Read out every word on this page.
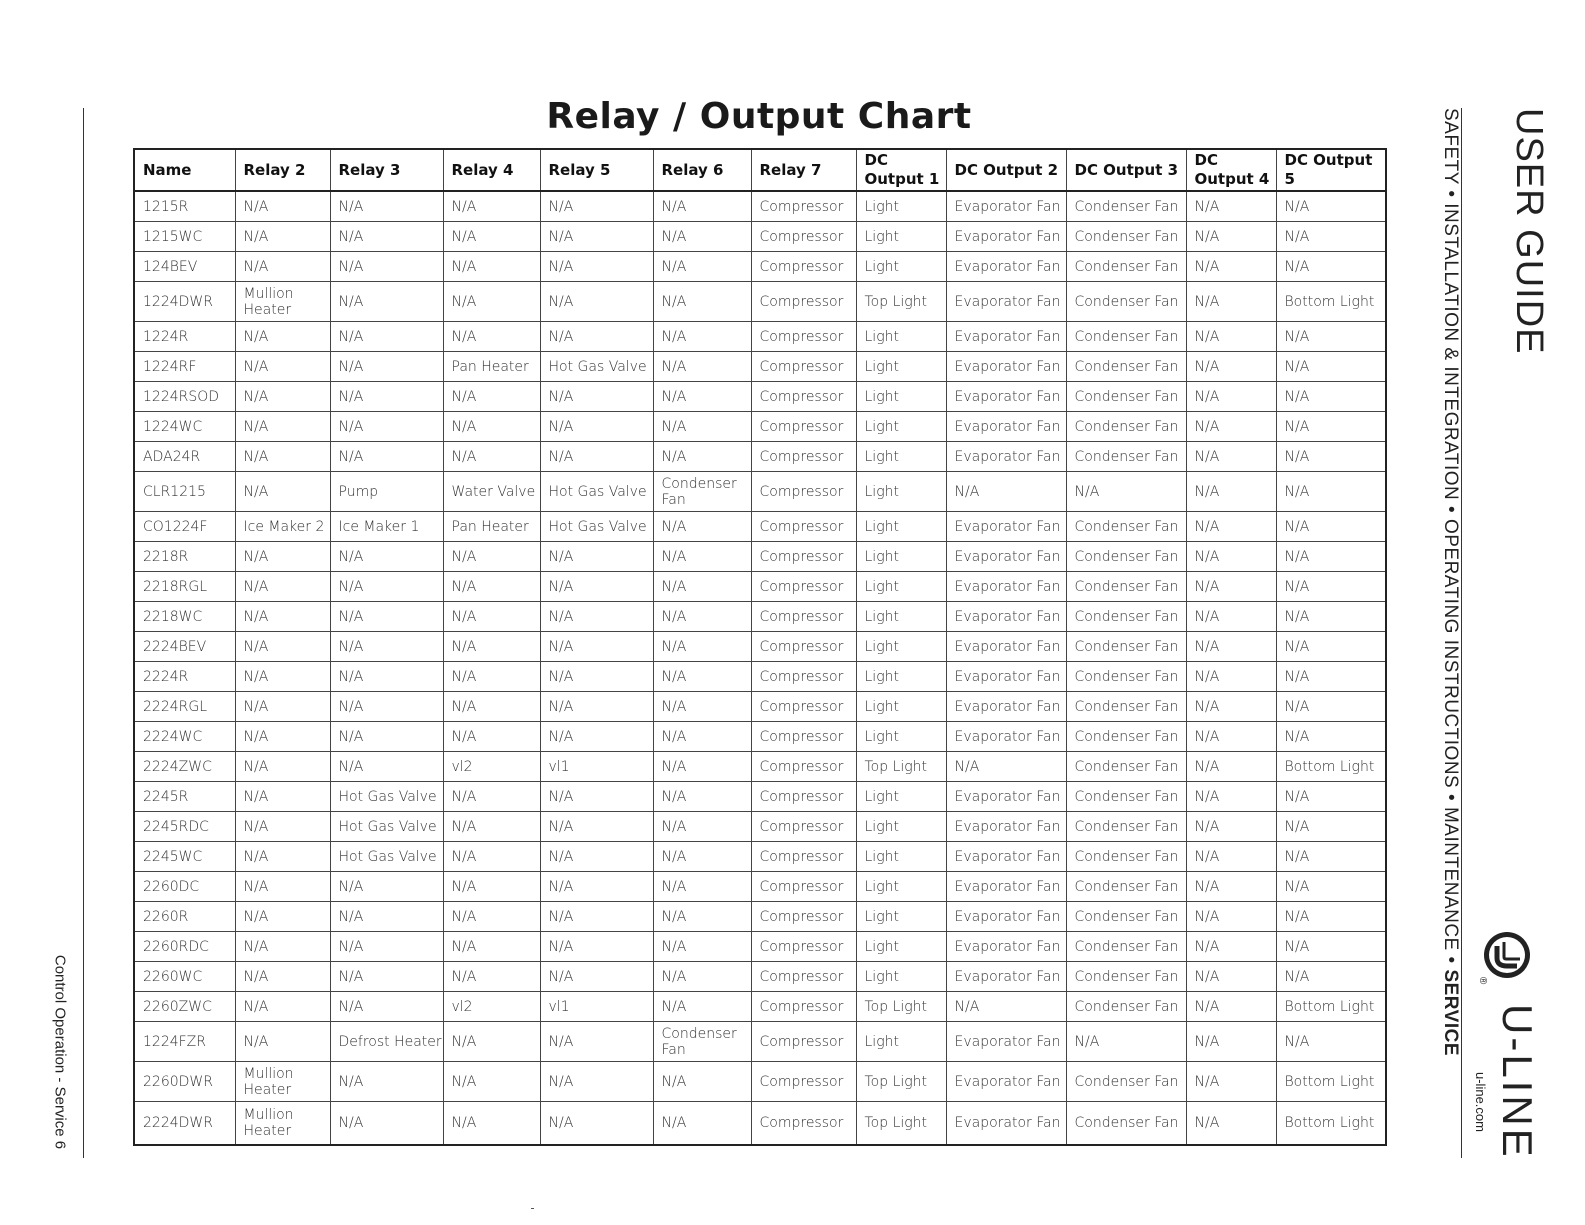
Control Operation - Service 6
Relay / Output Chart
Name	Relay 2	Relay 3	Relay 4	Relay 5	Relay 6	Relay 7	DC Output 1	DC Output 2	DC Output 3	DC Output 4	DC Output 5
1215R	N/A	N/A	N/A	N/A	N/A	Compressor	Light	Evaporator Fan	Condenser Fan	N/A	N/A
1215WC	N/A	N/A	N/A	N/A	N/A	Compressor	Light	Evaporator Fan	Condenser Fan	N/A	N/A
124BEV	N/A	N/A	N/A	N/A	N/A	Compressor	Light	Evaporator Fan	Condenser Fan	N/A	N/A
1224DWR	Mullion Heater	N/A	N/A	N/A	N/A	Compressor	Top Light	Evaporator Fan	Condenser Fan	N/A	Bottom Light
1224R	N/A	N/A	N/A	N/A	N/A	Compressor	Light	Evaporator Fan	Condenser Fan	N/A	N/A
1224RF	N/A	N/A	Pan Heater	Hot Gas Valve	N/A	Compressor	Light	Evaporator Fan	Condenser Fan	N/A	N/A
1224RSOD	N/A	N/A	N/A	N/A	N/A	Compressor	Light	Evaporator Fan	Condenser Fan	N/A	N/A
1224WC	N/A	N/A	N/A	N/A	N/A	Compressor	Light	Evaporator Fan	Condenser Fan	N/A	N/A
ADA24R	N/A	N/A	N/A	N/A	N/A	Compressor	Light	Evaporator Fan	Condenser Fan	N/A	N/A
CLR1215	N/A	Pump	Water Valve	Hot Gas Valve	Condenser Fan	Compressor	Light	N/A	N/A	N/A	N/A
CO1224F	Ice Maker 2	Ice Maker 1	Pan Heater	Hot Gas Valve	N/A	Compressor	Light	Evaporator Fan	Condenser Fan	N/A	N/A
2218R	N/A	N/A	N/A	N/A	N/A	Compressor	Light	Evaporator Fan	Condenser Fan	N/A	N/A
2218RGL	N/A	N/A	N/A	N/A	N/A	Compressor	Light	Evaporator Fan	Condenser Fan	N/A	N/A
2218WC	N/A	N/A	N/A	N/A	N/A	Compressor	Light	Evaporator Fan	Condenser Fan	N/A	N/A
2224BEV	N/A	N/A	N/A	N/A	N/A	Compressor	Light	Evaporator Fan	Condenser Fan	N/A	N/A
2224R	N/A	N/A	N/A	N/A	N/A	Compressor	Light	Evaporator Fan	Condenser Fan	N/A	N/A
2224RGL	N/A	N/A	N/A	N/A	N/A	Compressor	Light	Evaporator Fan	Condenser Fan	N/A	N/A
2224WC	N/A	N/A	N/A	N/A	N/A	Compressor	Light	Evaporator Fan	Condenser Fan	N/A	N/A
2224ZWC	N/A	N/A	vl2	vl1	N/A	Compressor	Top Light	N/A	Condenser Fan	N/A	Bottom Light
2245R	N/A	Hot Gas Valve	N/A	N/A	N/A	Compressor	Light	Evaporator Fan	Condenser Fan	N/A	N/A
2245RDC	N/A	Hot Gas Valve	N/A	N/A	N/A	Compressor	Light	Evaporator Fan	Condenser Fan	N/A	N/A
2245WC	N/A	Hot Gas Valve	N/A	N/A	N/A	Compressor	Light	Evaporator Fan	Condenser Fan	N/A	N/A
2260DC	N/A	N/A	N/A	N/A	N/A	Compressor	Light	Evaporator Fan	Condenser Fan	N/A	N/A
2260R	N/A	N/A	N/A	N/A	N/A	Compressor	Light	Evaporator Fan	Condenser Fan	N/A	N/A
2260RDC	N/A	N/A	N/A	N/A	N/A	Compressor	Light	Evaporator Fan	Condenser Fan	N/A	N/A
2260WC	N/A	N/A	N/A	N/A	N/A	Compressor	Light	Evaporator Fan	Condenser Fan	N/A	N/A
2260ZWC	N/A	N/A	vl2	vl1	N/A	Compressor	Top Light	N/A	Condenser Fan	N/A	Bottom Light
1224FZR	N/A	Defrost Heater	N/A	N/A	Condenser Fan	Compressor	Light	Evaporator Fan	N/A	N/A	N/A
2260DWR	Mullion Heater	N/A	N/A	N/A	N/A	Compressor	Top Light	Evaporator Fan	Condenser Fan	N/A	Bottom Light
2224DWR	Mullion Heater	N/A	N/A	N/A	N/A	Compressor	Top Light	Evaporator Fan	Condenser Fan	N/A	Bottom Light
USER GUIDE
SAFETY • INSTALLATION & INTEGRATION • OPERATING INSTRUCTIONS • MAINTENANCE • SERVICE ®
U-LINE
u-line.com
